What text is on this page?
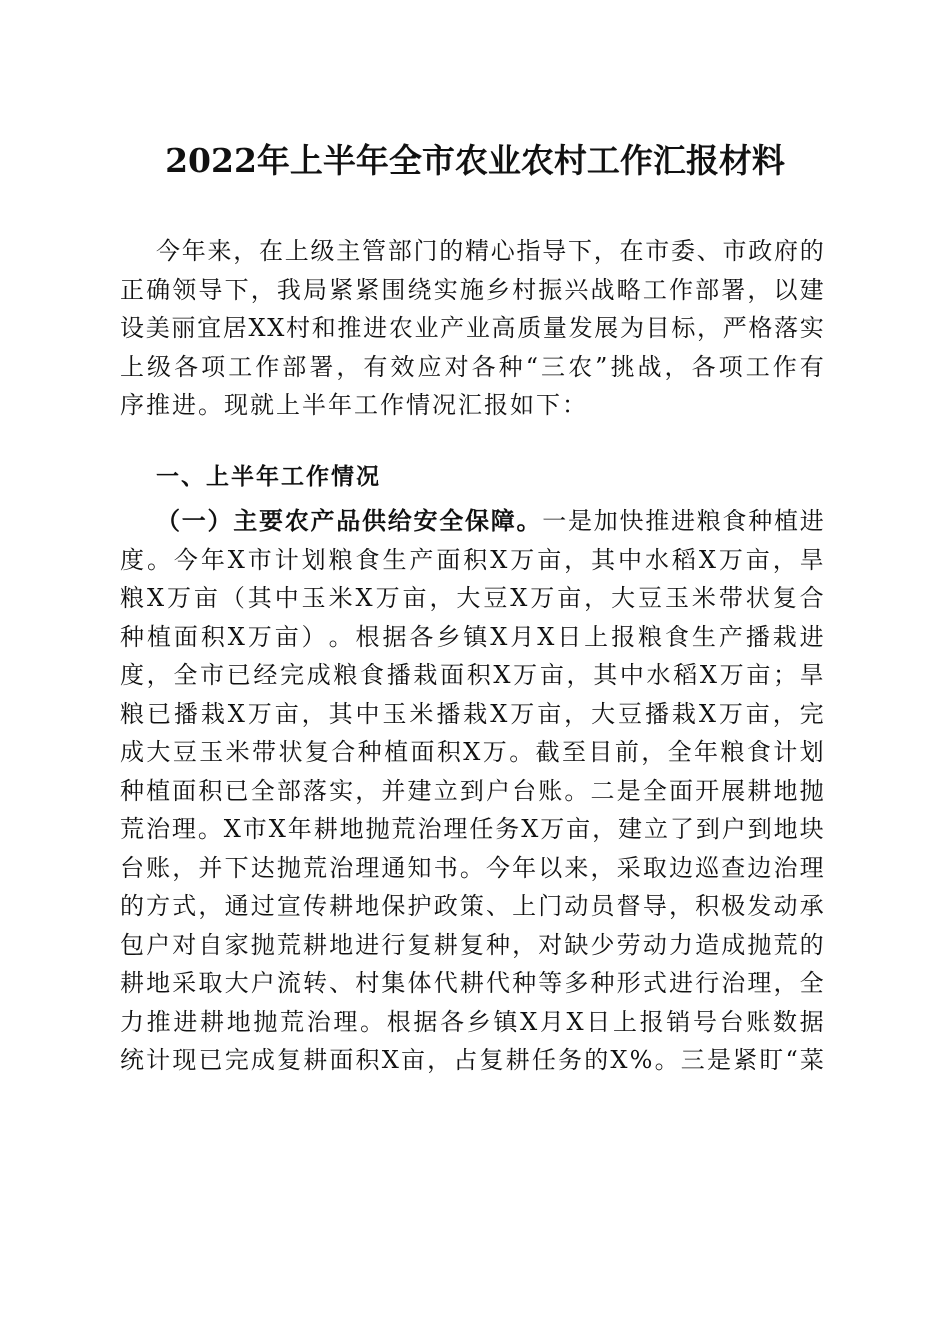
2022年上半年全市农业农村工作汇报材料
今 年 来 ， 在 上 级 主 管 部 门 的 精 心 指 导 下 ， 在 市 委 、 市 政 府 的
正 确 领 导 下 ， 我 局 紧 紧 围 绕 实 施 乡 村 振 兴 战 略 工 作 部 署 ， 以 建
设 美 丽 宜 居 X X 村 和 推 进 农 业 产 业 高 质 量 发 展 为 目 标 ， 严 格 落 实
上 级 各 项 工 作 部 署 ， 有 效 应 对 各 种 “ 三 农 ” 挑 战 ， 各 项 工 作 有
序推进。现就上半年工作情况汇报如下：
一、上半年工作情况
（ 一 ） 主 要 农 产 品 供 给 安 全 保 障 。 一 是 加 快 推 进 粮 食 种 植 进
度 。 今 年 X 市 计 划 粮 食 生 产 面 积 X 万 亩 ， 其 中 水 稻 X 万 亩 ， 旱
粮 X 万 亩 （ 其 中 玉 米 X 万 亩 ， 大 豆 X 万 亩 ， 大 豆 玉 米 带 状 复 合
种 植 面 积 X 万 亩 ） 。 根 据 各 乡 镇 X 月 X 日 上 报 粮 食 生 产 播 栽 进
度 ， 全 市 已 经 完 成 粮 食 播 栽 面 积 X 万 亩 ， 其 中 水 稻 X 万 亩 ； 旱
粮 已 播 栽 X 万 亩 ， 其 中 玉 米 播 栽 X 万 亩 ， 大 豆 播 栽 X 万 亩 ， 完
成 大 豆 玉 米 带 状 复 合 种 植 面 积 X 万 。 截 至 目 前 ， 全 年 粮 食 计 划
种 植 面 积 已 全 部 落 实 ， 并 建 立 到 户 台 账 。 二 是 全 面 开 展 耕 地 抛
荒 治 理 。 X 市 X 年 耕 地 抛 荒 治 理 任 务 X 万 亩 ， 建 立 了 到 户 到 地 块
台 账 ， 并 下 达 抛 荒 治 理 通 知 书 。 今 年 以 来 ， 采 取 边 巡 查 边 治 理
的 方 式 ， 通 过 宣 传 耕 地 保 护 政 策 、 上 门 动 员 督 导 ， 积 极 发 动 承
包 户 对 自 家 抛 荒 耕 地 进 行 复 耕 复 种 ， 对 缺 少 劳 动 力 造 成 抛 荒 的
耕 地 采 取 大 户 流 转 、 村 集 体 代 耕 代 种 等 多 种 形 式 进 行 治 理 ， 全
力 推 进 耕 地 抛 荒 治 理 。 根 据 各 乡 镇 X 月 X 日 上 报 销 号 台 账 数 据
统 计 现 已 完 成 复 耕 面 积 X 亩 ， 占 复 耕 任 务 的 X % 。 三 是 紧 盯 “ 菜
